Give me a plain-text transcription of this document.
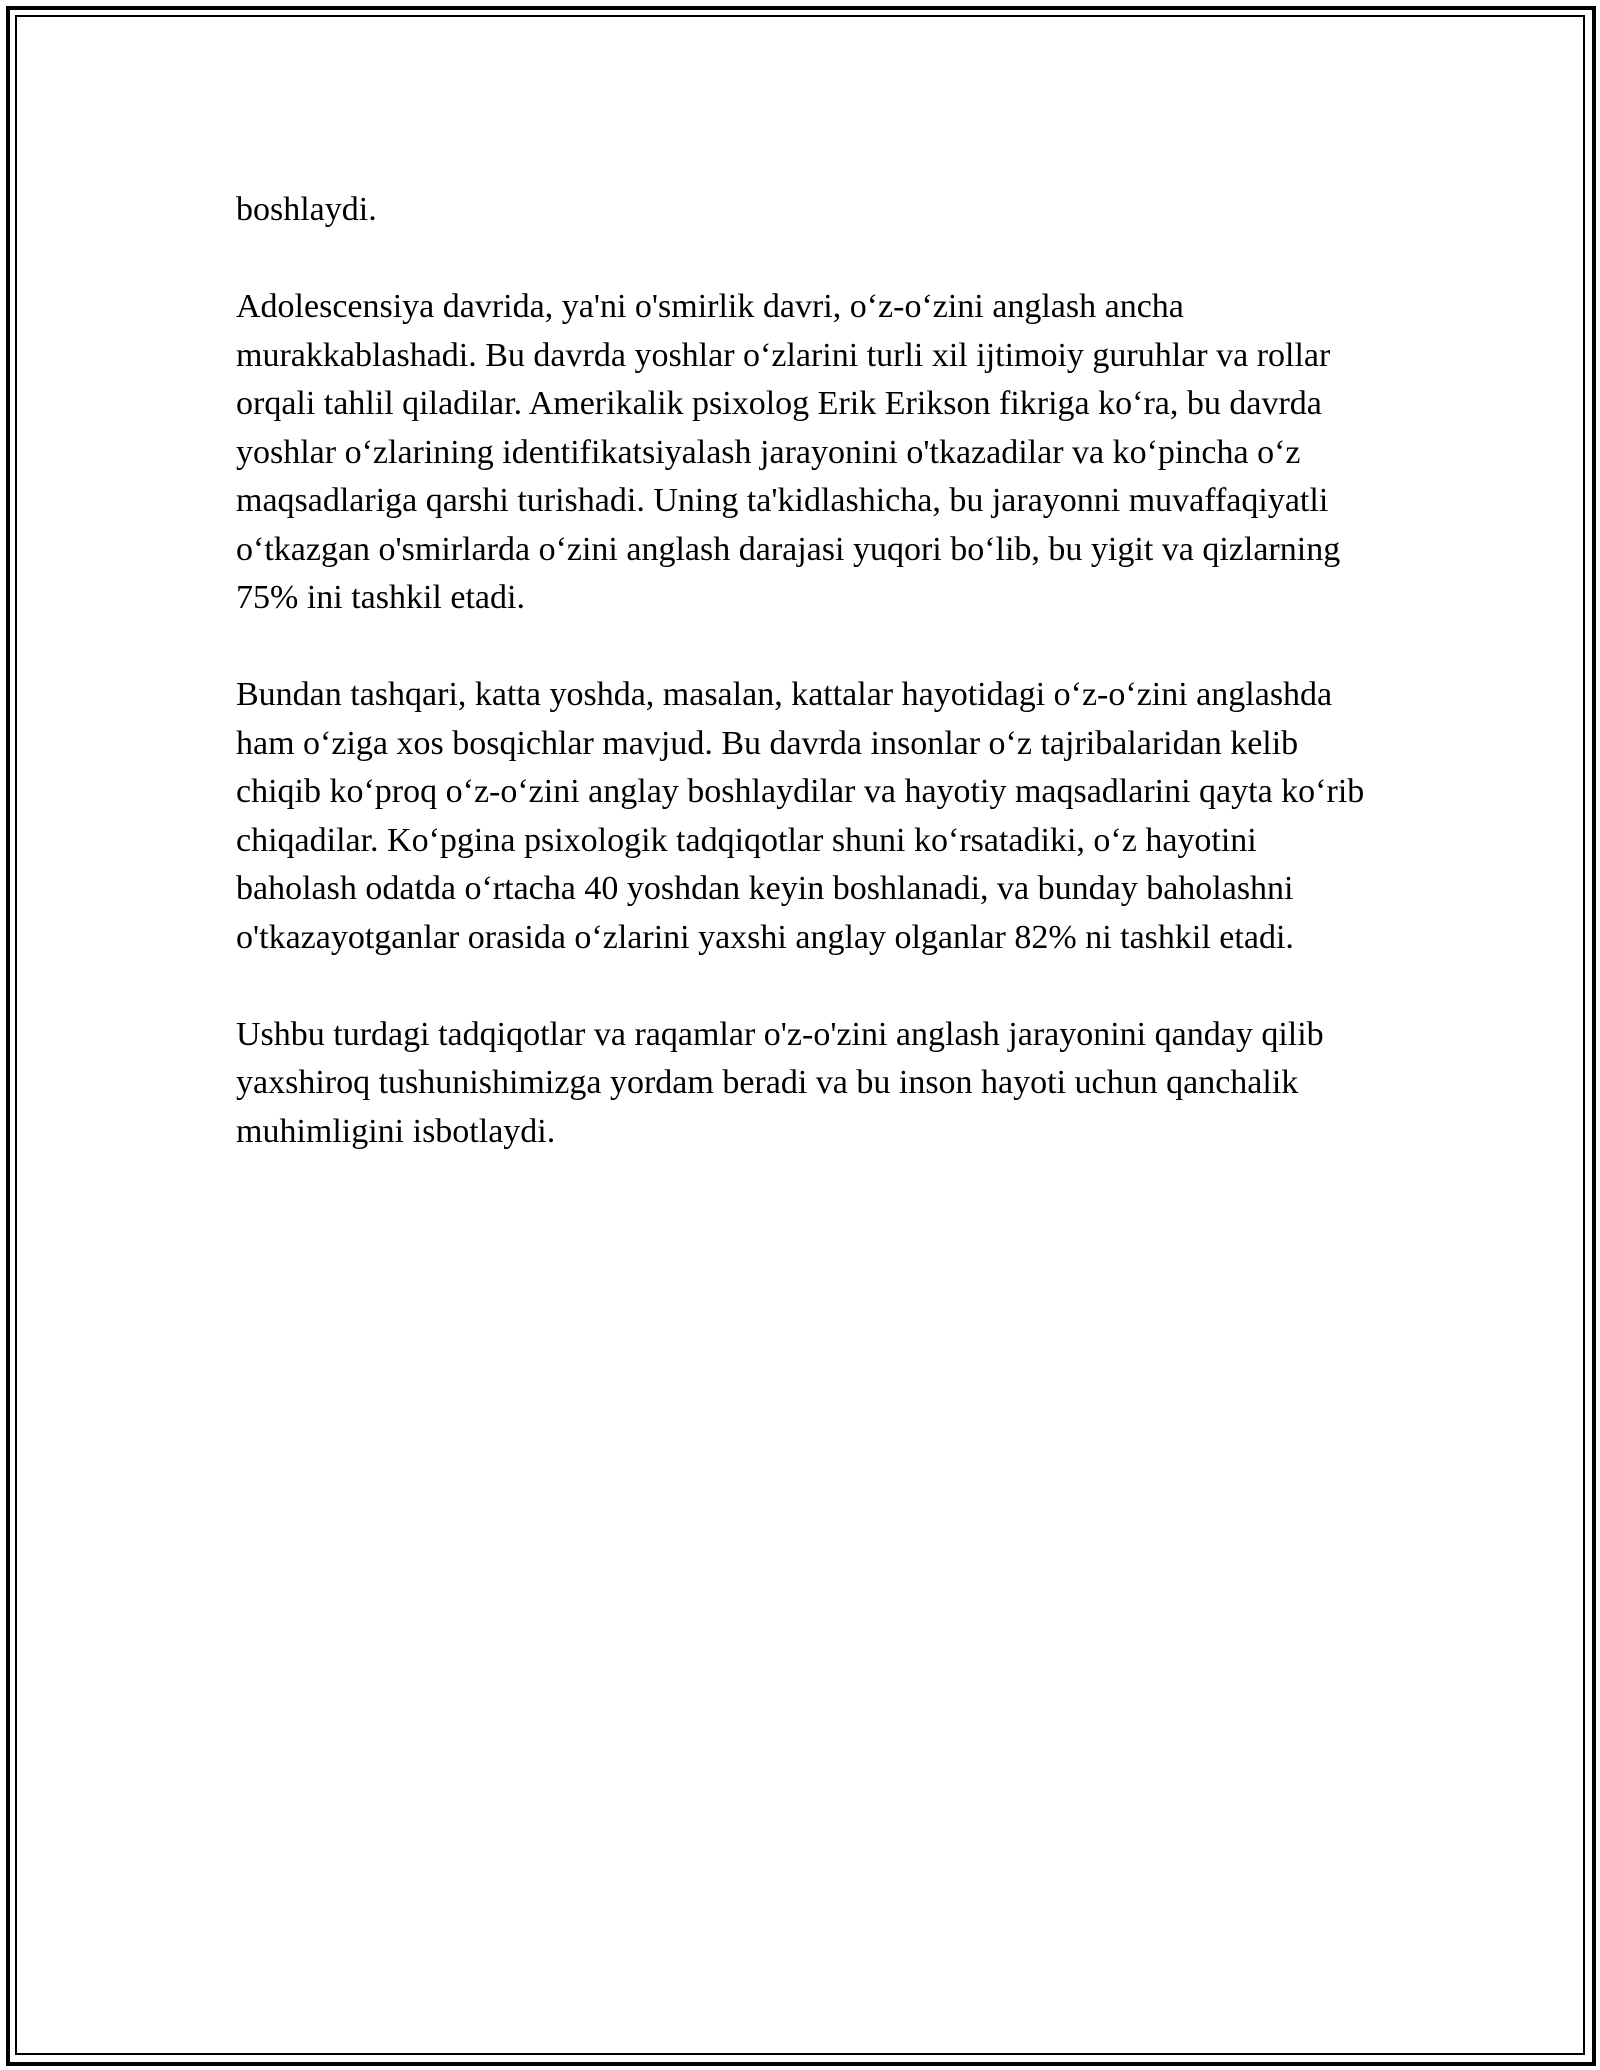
boshlaydi.

Adolescensiya davrida, ya'ni o'smirlik davri, o‘z-o‘zini anglash ancha murakkablashadi. Bu davrda yoshlar o‘zlarini turli xil ijtimoiy guruhlar va rollar orqali tahlil qiladilar. Amerikalik psixolog Erik Erikson fikriga ko‘ra, bu davrda yoshlar o‘zlarining identifikatsiyalash jarayonini o'tkazadilar va ko‘pincha o‘z maqsadlariga qarshi turishadi. Uning ta'kidlashicha, bu jarayonni muvaffaqiyatli o‘tkazgan o'smirlarda o‘zini anglash darajasi yuqori bo‘lib, bu yigit va qizlarning 75% ini tashkil etadi.

Bundan tashqari, katta yoshda, masalan, kattalar hayotidagi o‘z-o‘zini anglashda ham o‘ziga xos bosqichlar mavjud. Bu davrda insonlar o‘z tajribalaridan kelib chiqib ko‘proq o‘z-o‘zini anglay boshlaydilar va hayotiy maqsadlarini qayta ko‘rib chiqadilar. Ko‘pgina psixologik tadqiqotlar shuni ko‘rsatadiki, o‘z hayotini baholash odatda o‘rtacha 40 yoshdan keyin boshlanadi, va bunday baholashni o'tkazayotganlar orasida o‘zlarini yaxshi anglay olganlar 82% ni tashkil etadi.

Ushbu turdagi tadqiqotlar va raqamlar o'z-o'zini anglash jarayonini qanday qilib yaxshiroq tushunishimizga yordam beradi va bu inson hayoti uchun qanchalik muhimligini isbotlaydi.
